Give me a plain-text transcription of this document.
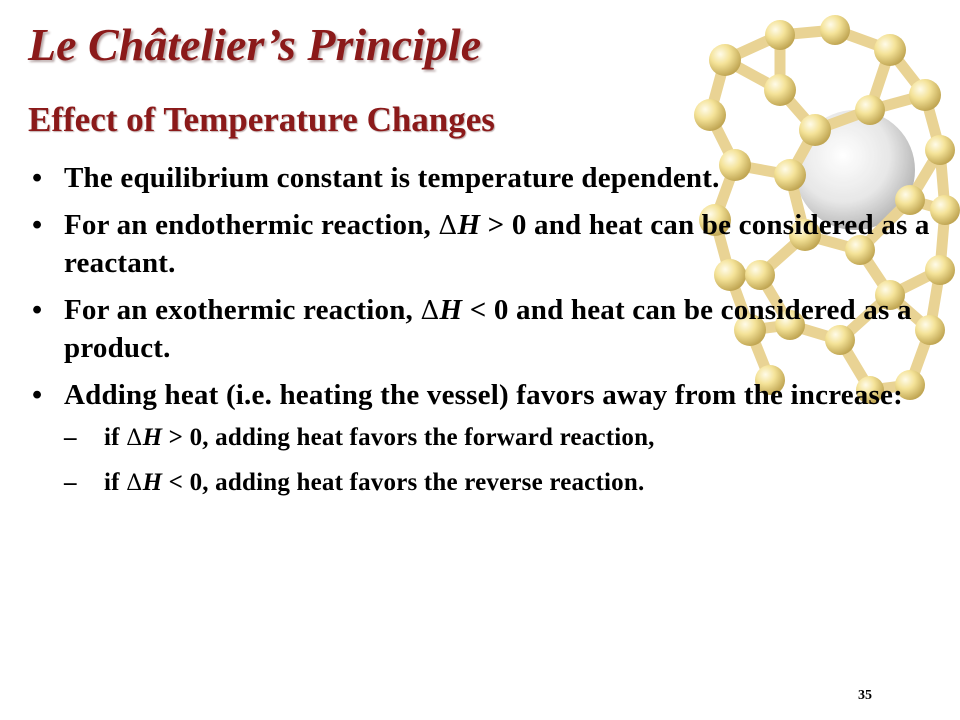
Le Châtelier’s Principle
Effect of Temperature Changes
• The equilibrium constant is temperature dependent.
• For an endothermic reaction, ΔH > 0 and heat can be considered as a reactant.
• For an exothermic reaction, ΔH < 0 and heat can be considered as a product.
• Adding heat (i.e. heating the vessel) favors away from the increase:
– if ΔH > 0, adding heat favors the forward reaction,
– if ΔH < 0, adding heat favors the reverse reaction.
35
